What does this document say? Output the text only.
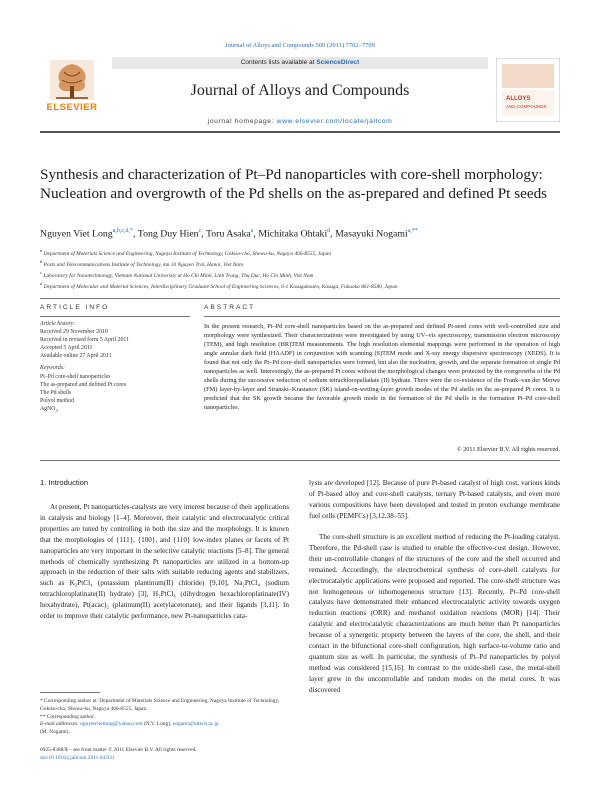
Journal of Alloys and Compounds 509 (2011) 7702–7709
ELSEVIER
Contents lists available at ScienceDirect
Journal of Alloys and Compounds
journal homepage: www.elsevier.com/locate/jallcom
ALLOYS
AND COMPOUNDS
Synthesis and characterization of Pt–Pd nanoparticles with core-shell morphology: Nucleation and overgrowth of the Pd shells on the as-prepared and defined Pt seeds
Nguyen Viet Long$^{a,b,c,d,*}$, Tong Duy Hien$^c$, Toru Asaka$^a$, Michitaka Ohtaki$^d$, Masayuki Nogami$^{a,**}$
$^a$ Department of Materials Science and Engineering, Nagoya Institute of Technology, Gokiso-cho, Showa-ku, Nagoya 466-8555, Japan
$^b$ Posts and Telecommunications Institute of Technology, km 10 Nguyen Trai, Hanoi, Viet Nam
$^c$ Laboratory for Nanotechnology, Vietnam National University at Ho Chi Minh, Linh Trung, Thu Duc, Ho Chi Minh, Viet Nam
$^d$ Department of Molecular and Material Sciences, Interdisciplinary Graduate School of Engineering Sciences, 6-1 Kasugakouen, Kasuga, Fukuoka 861-8580, Japan
ARTICLE INFO
Article history:
Received 29 November 2010
Received in revised form 5 April 2011
Accepted 5 April 2011
Available online 27 April 2011
Keywords:
Pt–Pd core-shell nanoparticles
The as-prepared and defined Pt cores
The Pd shells
Polyol method
AgNO$_3$
ABSTRACT
In the present research, Pt–Pd core-shell nanoparticles based on the as-prepared and defined Pt-seed cores with well-controlled size and morphology were synthesized. Their characterizations were investigated by using UV–vis spectroscopy, transmission electron microscopy (TEM), and high resolution (HR)TEM measurements. The high resolution elemental mappings were performed in the operation of high angle annular dark field (HAADF) in conjunction with scanning (S)TEM mode and X-ray energy dispersive spectroscopy (XEDS). It is found that not only the Pt–Pd core-shell nanoparticles were formed, but also the nucleation, growth, and the separate formation of single Pd nanoparticles as well. Interestingly, the as-prepared Pt cores without the morphological changes were protected by the overgrowths of the Pd shells during the successive reduction of sodium tetrachloropalladate (II) hydrate. There were the co-existence of the Frank–van der Merwe (FM) layer-by-layer and Stranski–Krastanov (SK) island-on-wetting-layer growth modes of the Pd shells on the as-prepared Pt cores. It is predicted that the SK growth became the favorable growth mode in the formation of the Pd shells in the formation Pt–Pd core-shell nanoparticles.
© 2011 Elsevier B.V. All rights reserved.
1. Introduction
At present, Pt nanoparticles-catalysts are very interest because of their applications in catalysis and biology [1–4]. Moreover, their catalytic and electrocatalytic critical properties are tuned by controlling in both the size and the morphology. It is known that the morphologies of {111}, {100}, and {110} low-index planes or facets of Pt nanoparticles are very important in the selective catalytic reactions [5–8]. The general methods of chemically synthesizing Pt nanoparticles are utilized in a bottom-up approach in the reduction of their salts with suitable reducing agents and stabilizers, such as K₂PtCl₄ (potassium plantinum(II) chloride) [9,10], Na₂PtCl₄ (sodium tetrachloroplatinate(II) hydrate) [3], H₂PtCl₆ (dihydrogen hexachloroplatinate(IV) hexahydrate), Pt(acac)₂ (platinum(II) acetylacetonate), and their ligands [3,11]. In order to improve their catalytic performance, new Pt-nanoparticles cata-
lysts are developed [12]. Because of pure Pt-based catalyst of high cost, various kinds of Pt-based alloy and core-shell catalysts, ternary Pt-based catalysts, and even more various compositions have been developed and tested in proton exchange membrane fuel cells (PEMFCs) [3,12,38–55].
The core-shell structure is an excellent method of reducing the Pt-loading catalyst. Therefore, the Pd-shell case is studied to enable the effective-cost design. However, their un-controllable changes of the structures of the core and the shell occurred and remained. Accordingly, the electrochemical synthesis of core-shell catalysts for electrocatalytic applications were proposed and reported. The core-shell structure was not homogeneous or inhomogeneous structure [13]. Recently, Pt–Pd core-shell catalysts have demonstrated their enhanced electrocatalytic activity towards oxygen reduction reactions (ORR) and methanol oxidation reactions (MOR) [14]. Their catalytic and electrocatalytic characterizations are much better than Pt nanoparticles because of a synergetic property between the layers of the core, the shell, and their contact in the bifunctional core-shell configuration, high surface-to-volume ratio and quantum size as well. In particular, the synthesis of Pt–Pd nanoparticles by polyol method was considered [15,16]. In contrast to the oxide-shell case, the metal-shell layer grew in the uncontrollable and random modes on the metal cores. It was discovered
* Corresponding author at: Department of Materials Science and Engineering, Nagoya Institute of Technology, Gokiso-cho, Showa-ku, Nagoya 466-8555, Japan.
** Corresponding author.
E-mail addresses: nguyenvietlong@yahoo.com (N.V. Long), nogami@nitech.ac.jp
(M. Nogami).
0925-8388/$ – see front matter © 2011 Elsevier B.V. All rights reserved.
doi:10.1016/j.jallcom.2011.04.031
